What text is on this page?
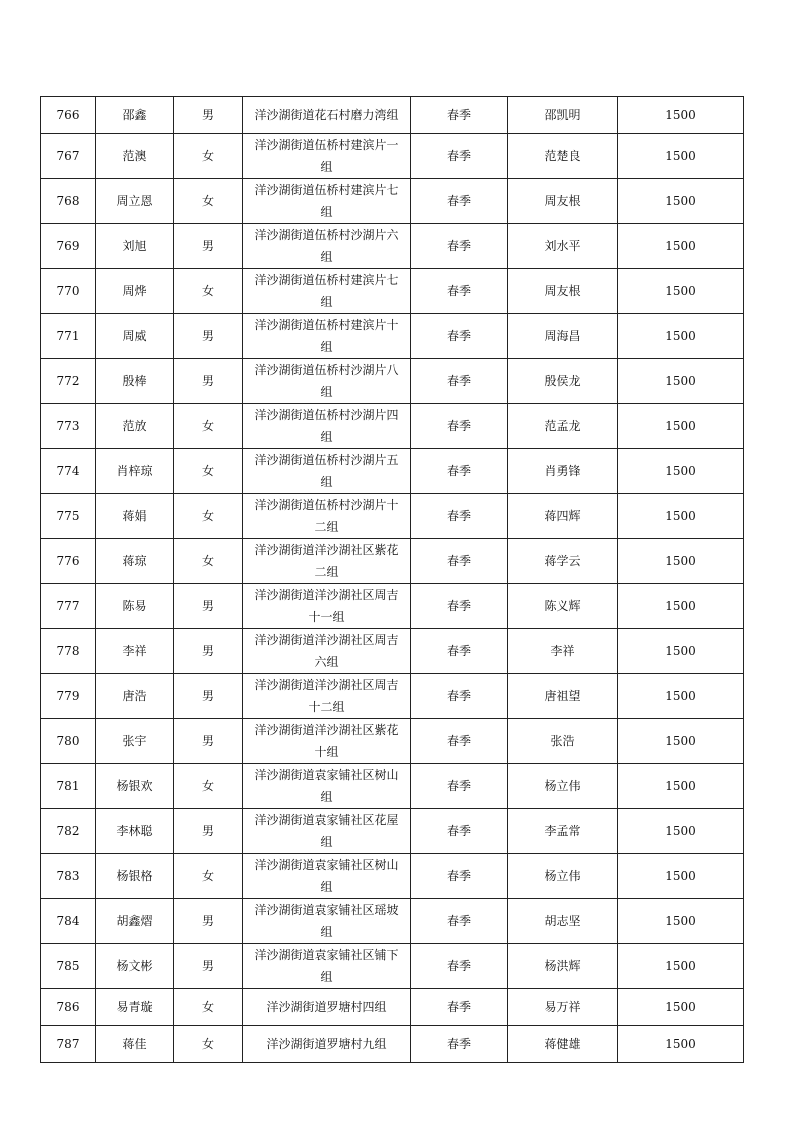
766	邵鑫	男	洋沙湖街道花石村磨力湾组	春季	邵凯明	1500
767	范澳	女	洋沙湖街道伍桥村建滨片一组	春季	范楚良	1500
768	周立恩	女	洋沙湖街道伍桥村建滨片七组	春季	周友根	1500
769	刘旭	男	洋沙湖街道伍桥村沙湖片六组	春季	刘水平	1500
770	周烨	女	洋沙湖街道伍桥村建滨片七组	春季	周友根	1500
771	周威	男	洋沙湖街道伍桥村建滨片十组	春季	周海昌	1500
772	殷棒	男	洋沙湖街道伍桥村沙湖片八组	春季	殷侯龙	1500
773	范放	女	洋沙湖街道伍桥村沙湖片四组	春季	范孟龙	1500
774	肖梓琼	女	洋沙湖街道伍桥村沙湖片五组	春季	肖勇锋	1500
775	蒋娟	女	洋沙湖街道伍桥村沙湖片十二组	春季	蒋四辉	1500
776	蒋琼	女	洋沙湖街道洋沙湖社区紫花二组	春季	蒋学云	1500
777	陈易	男	洋沙湖街道洋沙湖社区周吉十一组	春季	陈义辉	1500
778	李祥	男	洋沙湖街道洋沙湖社区周吉六组	春季	李祥	1500
779	唐浩	男	洋沙湖街道洋沙湖社区周吉十二组	春季	唐祖望	1500
780	张宇	男	洋沙湖街道洋沙湖社区紫花十组	春季	张浩	1500
781	杨银欢	女	洋沙湖街道袁家铺社区树山组	春季	杨立伟	1500
782	李林聪	男	洋沙湖街道袁家铺社区花屋组	春季	李孟常	1500
783	杨银格	女	洋沙湖街道袁家铺社区树山组	春季	杨立伟	1500
784	胡鑫熠	男	洋沙湖街道袁家铺社区瑶坡组	春季	胡志坚	1500
785	杨文彬	男	洋沙湖街道袁家铺社区铺下组	春季	杨洪辉	1500
786	易青璇	女	洋沙湖街道罗塘村四组	春季	易万祥	1500
787	蒋佳	女	洋沙湖街道罗塘村九组	春季	蒋健雄	1500
